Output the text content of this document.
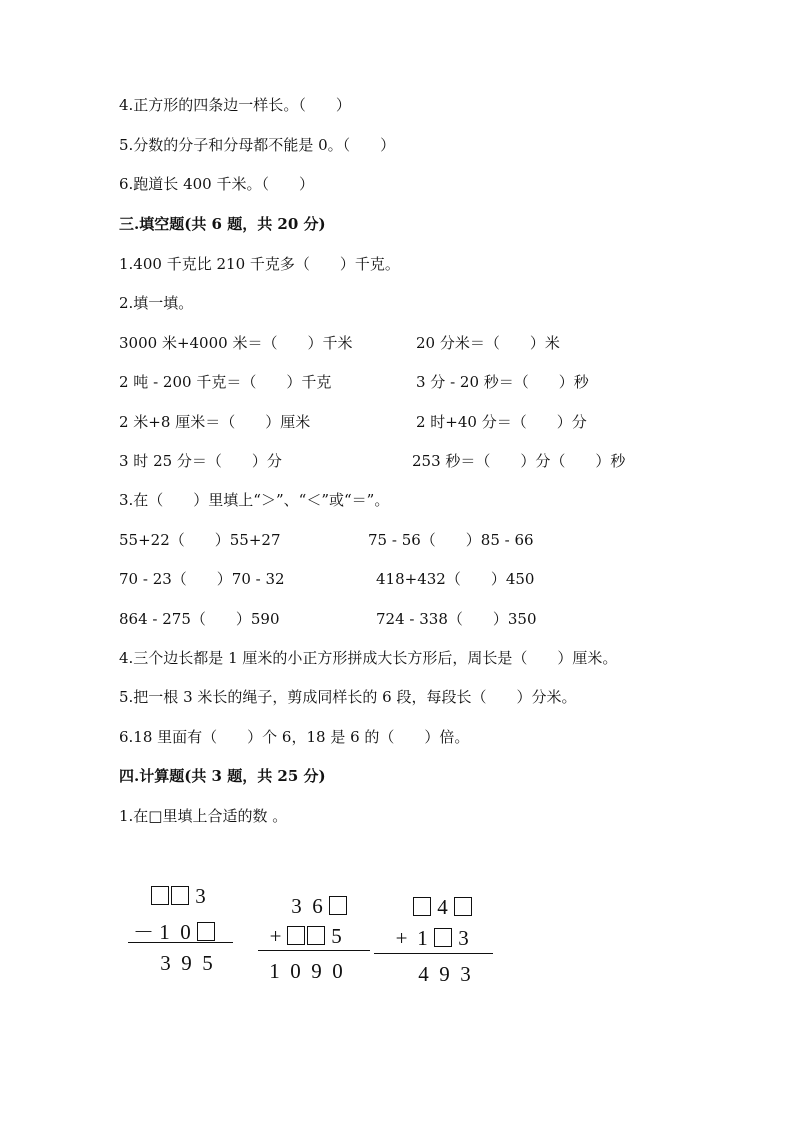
4.正方形的四条边一样长。（　　）
5.分数的分子和分母都不能是 0。（　　）
6.跑道长 400 千米。（　　）
三.填空题(共 6 题，共 20 分)
1.400 千克比 210 千克多（　　）千克。
2.填一填。
3000 米+4000 米＝（　　）千米	20 分米＝（　　）米
2 吨 - 200 千克＝（　　）千克	3 分 - 20 秒＝（　　）秒
2 米+8 厘米＝（　　）厘米	2 时+40 分＝（　　）分
3 时 25 分＝（　　）分	253 秒＝（　　）分（　　）秒
3.在（　　）里填上“＞”、“＜”或“＝”。
55+22（　　）55+27	75 - 56（　　）85 - 66
70 - 23（　　）70 - 32	418+432（　　）450
864 - 275（　　）590	724 - 338（　　）350
4.三个边长都是 1 厘米的小正方形拼成大长方形后，周长是（　　）厘米。
5.把一根 3 米长的绳子，剪成同样长的 6 段，每段长（　　）分米。
6.18 里面有（　　）个 6，18 是 6 的（　　）倍。
四.计算题(共 3 题，共 25 分)
1.在□里填上合适的数 。
3
－ 1 0
3 9 5
3 6
+ 5
1 0 9 0
4
+ 1 3
4 9 3
